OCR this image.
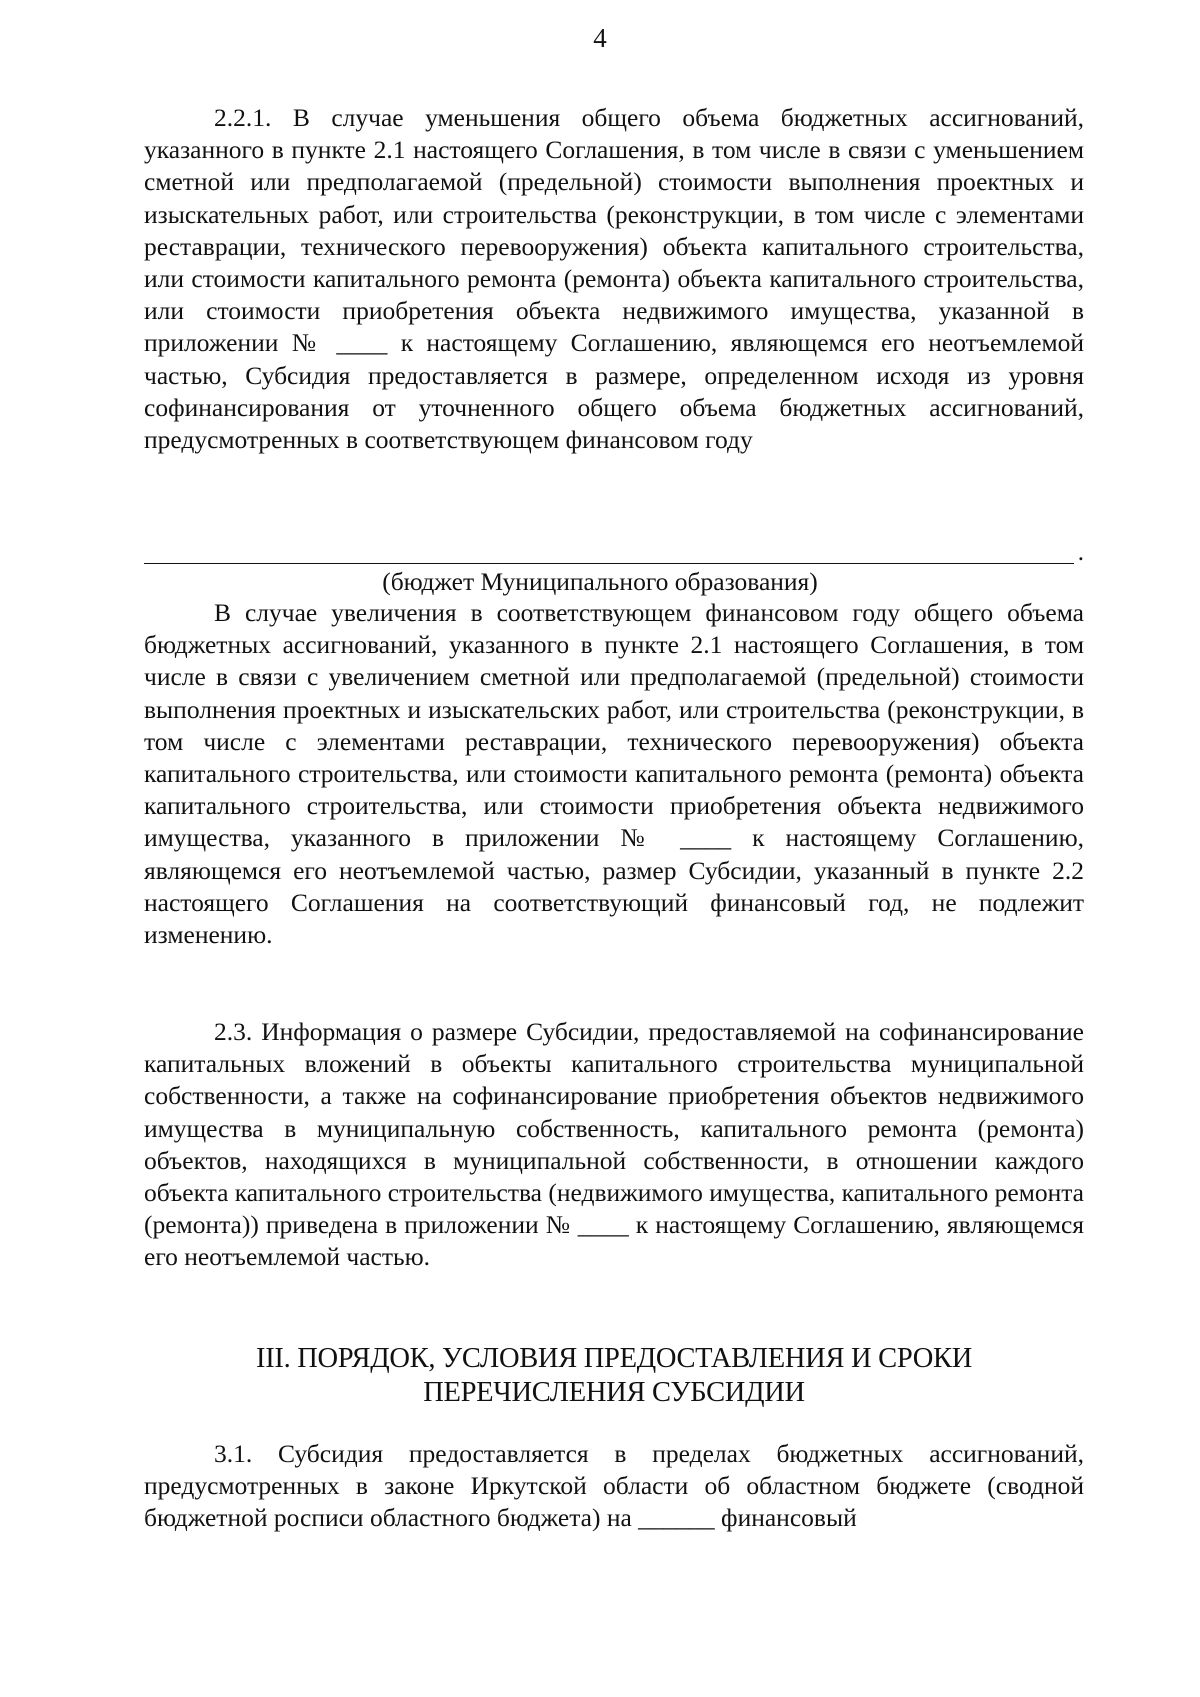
4

2.2.1. В случае уменьшения общего объема бюджетных ассигнований, указанного в пункте 2.1 настоящего Соглашения, в том числе в связи с уменьшением сметной или предполагаемой (предельной) стоимости выполнения проектных и изыскательных работ, или строительства (реконструкции, в том числе с элементами реставрации, технического перевооружения) объекта капитального строительства, или стоимости капитального ремонта (ремонта) объекта капитального строительства, или стоимости приобретения объекта недвижимого имущества, указанной в приложении № ____ к настоящему Соглашению, являющемся его неотъемлемой частью, Субсидия предоставляется в размере, определенном исходя из уровня софинансирования от уточненного общего объема бюджетных ассигнований, предусмотренных в соответствующем финансовом году

.
(бюджет Муниципального образования)

В случае увеличения в соответствующем финансовом году общего объема бюджетных ассигнований, указанного в пункте 2.1 настоящего Соглашения, в том числе в связи с увеличением сметной или предполагаемой (предельной) стоимости выполнения проектных и изыскательских работ, или строительства (реконструкции, в том числе с элементами реставрации, технического перевооружения) объекта капитального строительства, или стоимости капитального ремонта (ремонта) объекта капитального строительства, или стоимости приобретения объекта недвижимого имущества, указанного в приложении № ____ к настоящему Соглашению, являющемся его неотъемлемой частью, размер Субсидии, указанный в пункте 2.2 настоящего Соглашения на соответствующий финансовый год, не подлежит изменению.

2.3. Информация о размере Субсидии, предоставляемой на софинансирование капитальных вложений в объекты капитального строительства муниципальной собственности, а также на софинансирование приобретения объектов недвижимого имущества в муниципальную собственность, капитального ремонта (ремонта) объектов, находящихся в муниципальной собственности, в отношении каждого объекта капитального строительства (недвижимого имущества, капитального ремонта (ремонта)) приведена в приложении № ____ к настоящему Соглашению, являющемся его неотъемлемой частью.

III. ПОРЯДОК, УСЛОВИЯ ПРЕДОСТАВЛЕНИЯ И СРОКИ
ПЕРЕЧИСЛЕНИЯ СУБСИДИИ

3.1. Субсидия предоставляется в пределах бюджетных ассигнований, предусмотренных в законе Иркутской области об областном бюджете (сводной бюджетной росписи областного бюджета) на ______ финансовый
